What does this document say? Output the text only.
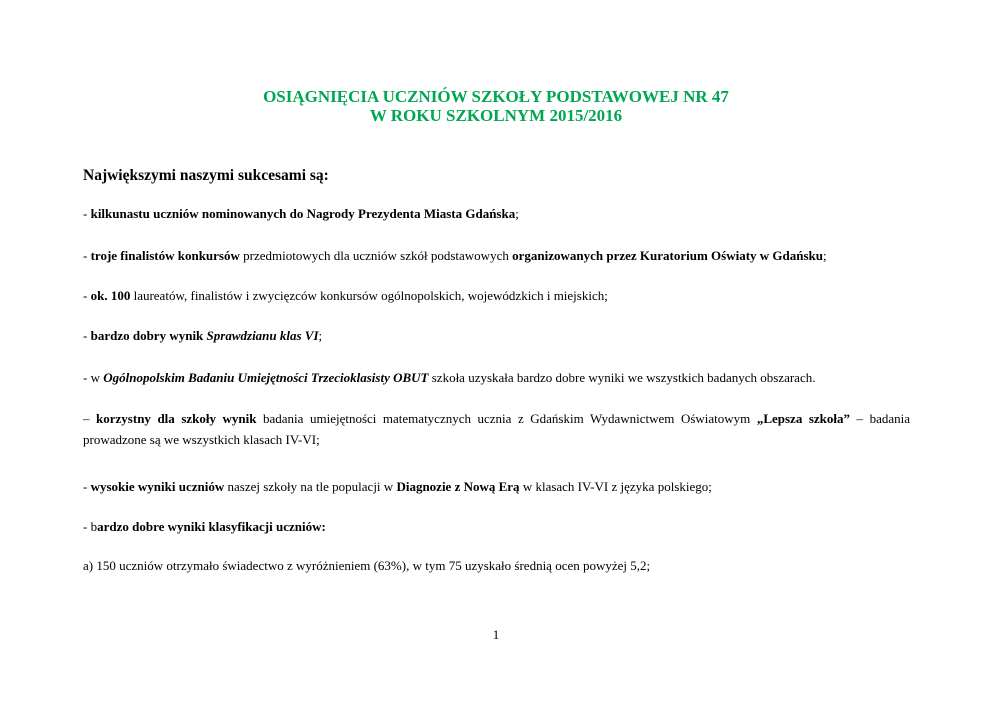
OSIĄGNIĘCIA UCZNIÓW SZKOŁY PODSTAWOWEJ NR 47
W ROKU SZKOLNYM 2015/2016
Największymi naszymi sukcesami są:
- kilkunastu uczniów nominowanych do Nagrody Prezydenta Miasta Gdańska;
- troje finalistów konkursów przedmiotowych dla uczniów szkół podstawowych organizowanych przez Kuratorium Oświaty w Gdańsku;
- ok. 100 laureatów, finalistów i zwycięzców konkursów ogólnopolskich, wojewódzkich i miejskich;
- bardzo dobry wynik Sprawdzianu klas VI;
- w Ogólnopolskim Badaniu Umiejętności Trzecioklasisty OBUT szkoła uzyskała bardzo dobre wyniki we wszystkich badanych obszarach.
– korzystny dla szkoły wynik badania umiejętności matematycznych ucznia z Gdańskim Wydawnictwem Oświatowym „Lepsza szkoła” – badania
prowadzone są we wszystkich klasach IV-VI;
- wysokie wyniki uczniów naszej szkoły na tle populacji w Diagnozie z Nową Erą w klasach IV-VI z języka polskiego;
- bardzo dobre wyniki klasyfikacji uczniów:
a) 150 uczniów otrzymało świadectwo z wyróżnieniem (63%), w tym 75 uzyskało średnią ocen powyżej 5,2;
1
